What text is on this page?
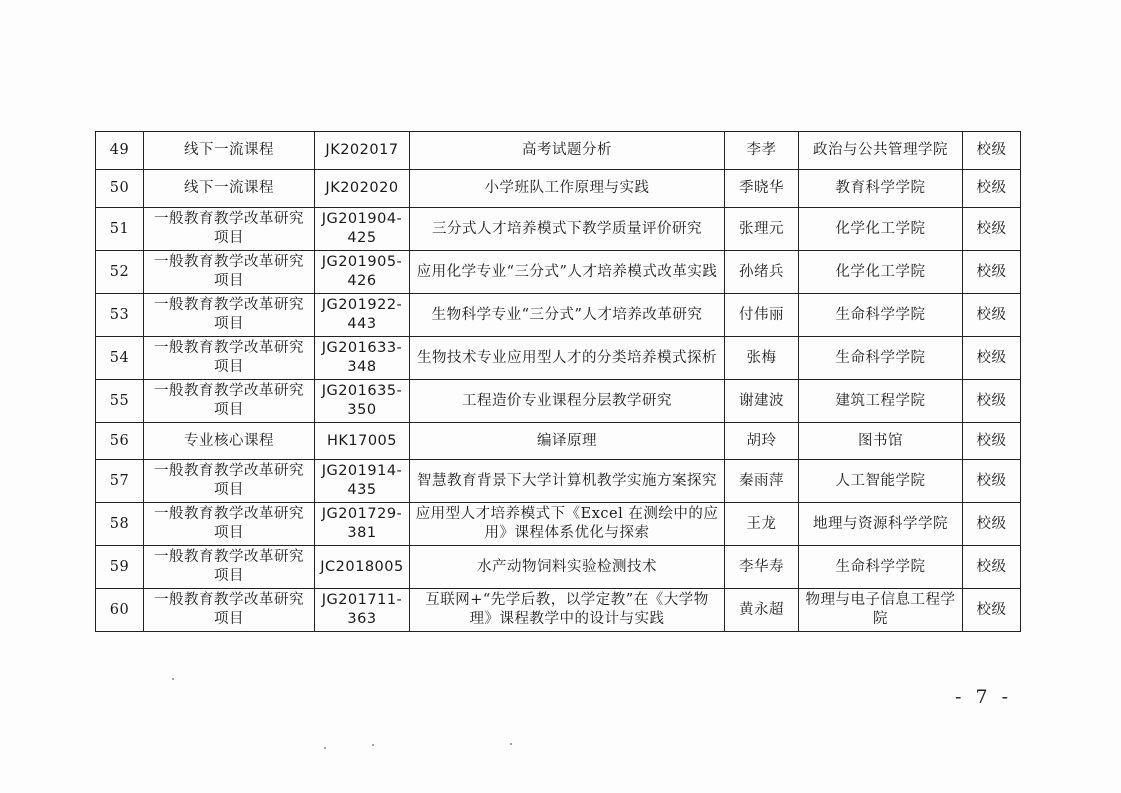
49	线下一流课程	JK202017	高考试题分析	李孝	政治与公共管理学院	校级
50	线下一流课程	JK202020	小学班队工作原理与实践	季晓华	教育科学学院	校级
51	一般教育教学改革研究项目	JG201904-425	三分式人才培养模式下教学质量评价研究	张理元	化学化工学院	校级
52	一般教育教学改革研究项目	JG201905-426	应用化学专业“三分式”人才培养模式改革实践	孙绪兵	化学化工学院	校级
53	一般教育教学改革研究项目	JG201922-443	生物科学专业“三分式”人才培养改革研究	付伟丽	生命科学学院	校级
54	一般教育教学改革研究项目	JG201633-348	生物技术专业应用型人才的分类培养模式探析	张梅	生命科学学院	校级
55	一般教育教学改革研究项目	JG201635-350	工程造价专业课程分层教学研究	谢建波	建筑工程学院	校级
56	专业核心课程	HK17005	编译原理	胡玲	图书馆	校级
57	一般教育教学改革研究项目	JG201914-435	智慧教育背景下大学计算机教学实施方案探究	秦雨萍	人工智能学院	校级
58	一般教育教学改革研究项目	JG201729-381	应用型人才培养模式下《Excel 在测绘中的应用》课程体系优化与探索	王龙	地理与资源科学学院	校级
59	一般教育教学改革研究项目	JC2018005	水产动物饲料实验检测技术	李华寿	生命科学学院	校级
60	一般教育教学改革研究项目	JG201711-363	互联网+“先学后教，以学定教”在《大学物理》课程教学中的设计与实践	黄永超	物理与电子信息工程学院	校级
- 7 -
